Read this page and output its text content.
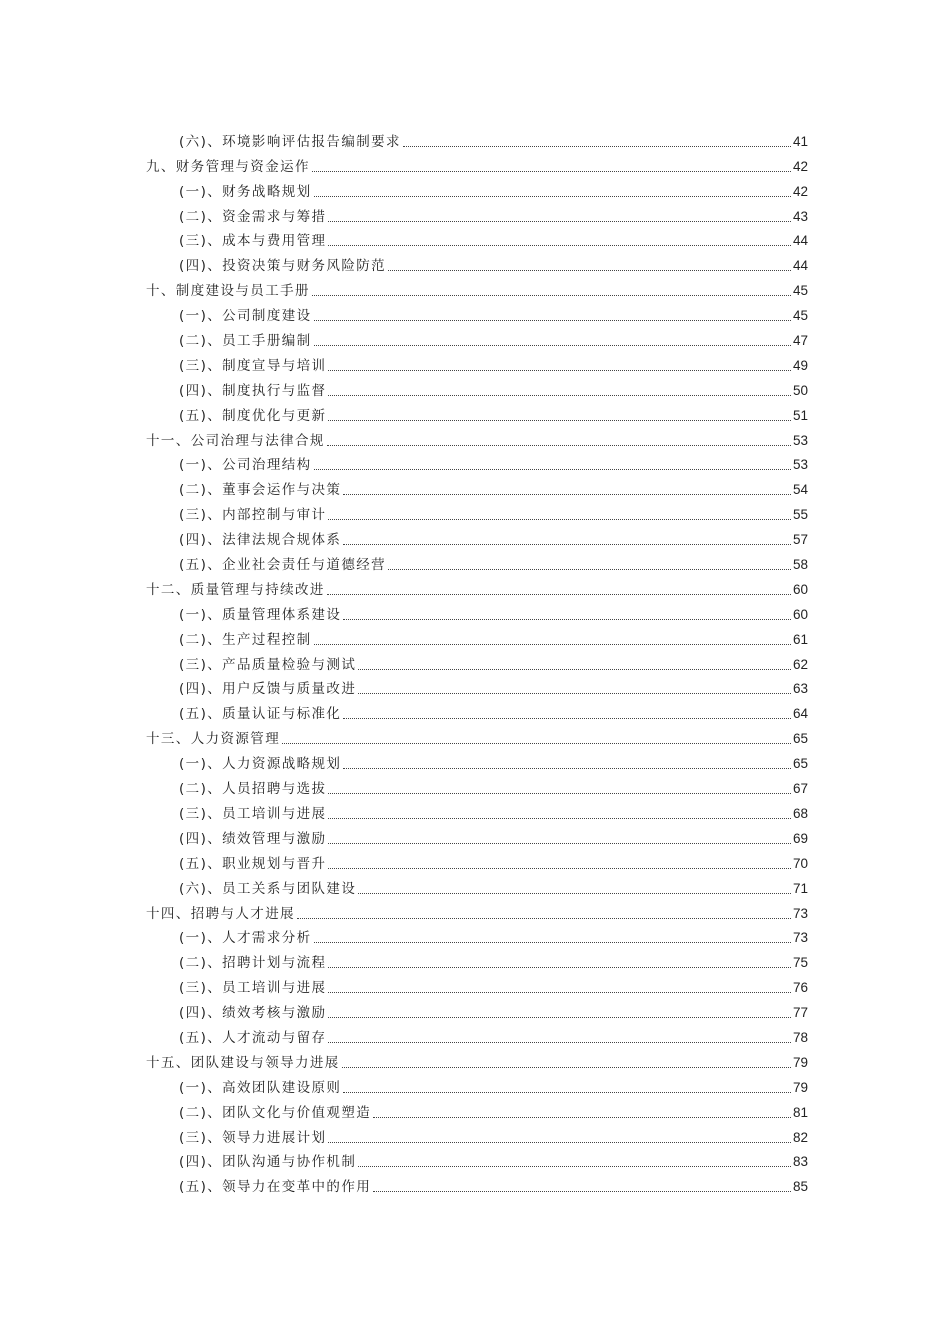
(六)、环境影响评估报告编制要求	41
九、财务管理与资金运作	42
(一)、财务战略规划	42
(二)、资金需求与筹措	43
(三)、成本与费用管理	44
(四)、投资决策与财务风险防范	44
十、制度建设与员工手册	45
(一)、公司制度建设	45
(二)、员工手册编制	47
(三)、制度宣导与培训	49
(四)、制度执行与监督	50
(五)、制度优化与更新	51
十一、公司治理与法律合规	53
(一)、公司治理结构	53
(二)、董事会运作与决策	54
(三)、内部控制与审计	55
(四)、法律法规合规体系	57
(五)、企业社会责任与道德经营	58
十二、质量管理与持续改进	60
(一)、质量管理体系建设	60
(二)、生产过程控制	61
(三)、产品质量检验与测试	62
(四)、用户反馈与质量改进	63
(五)、质量认证与标准化	64
十三、人力资源管理	65
(一)、人力资源战略规划	65
(二)、人员招聘与选拔	67
(三)、员工培训与进展	68
(四)、绩效管理与激励	69
(五)、职业规划与晋升	70
(六)、员工关系与团队建设	71
十四、招聘与人才进展	73
(一)、人才需求分析	73
(二)、招聘计划与流程	75
(三)、员工培训与进展	76
(四)、绩效考核与激励	77
(五)、人才流动与留存	78
十五、团队建设与领导力进展	79
(一)、高效团队建设原则	79
(二)、团队文化与价值观塑造	81
(三)、领导力进展计划	82
(四)、团队沟通与协作机制	83
(五)、领导力在变革中的作用	85
